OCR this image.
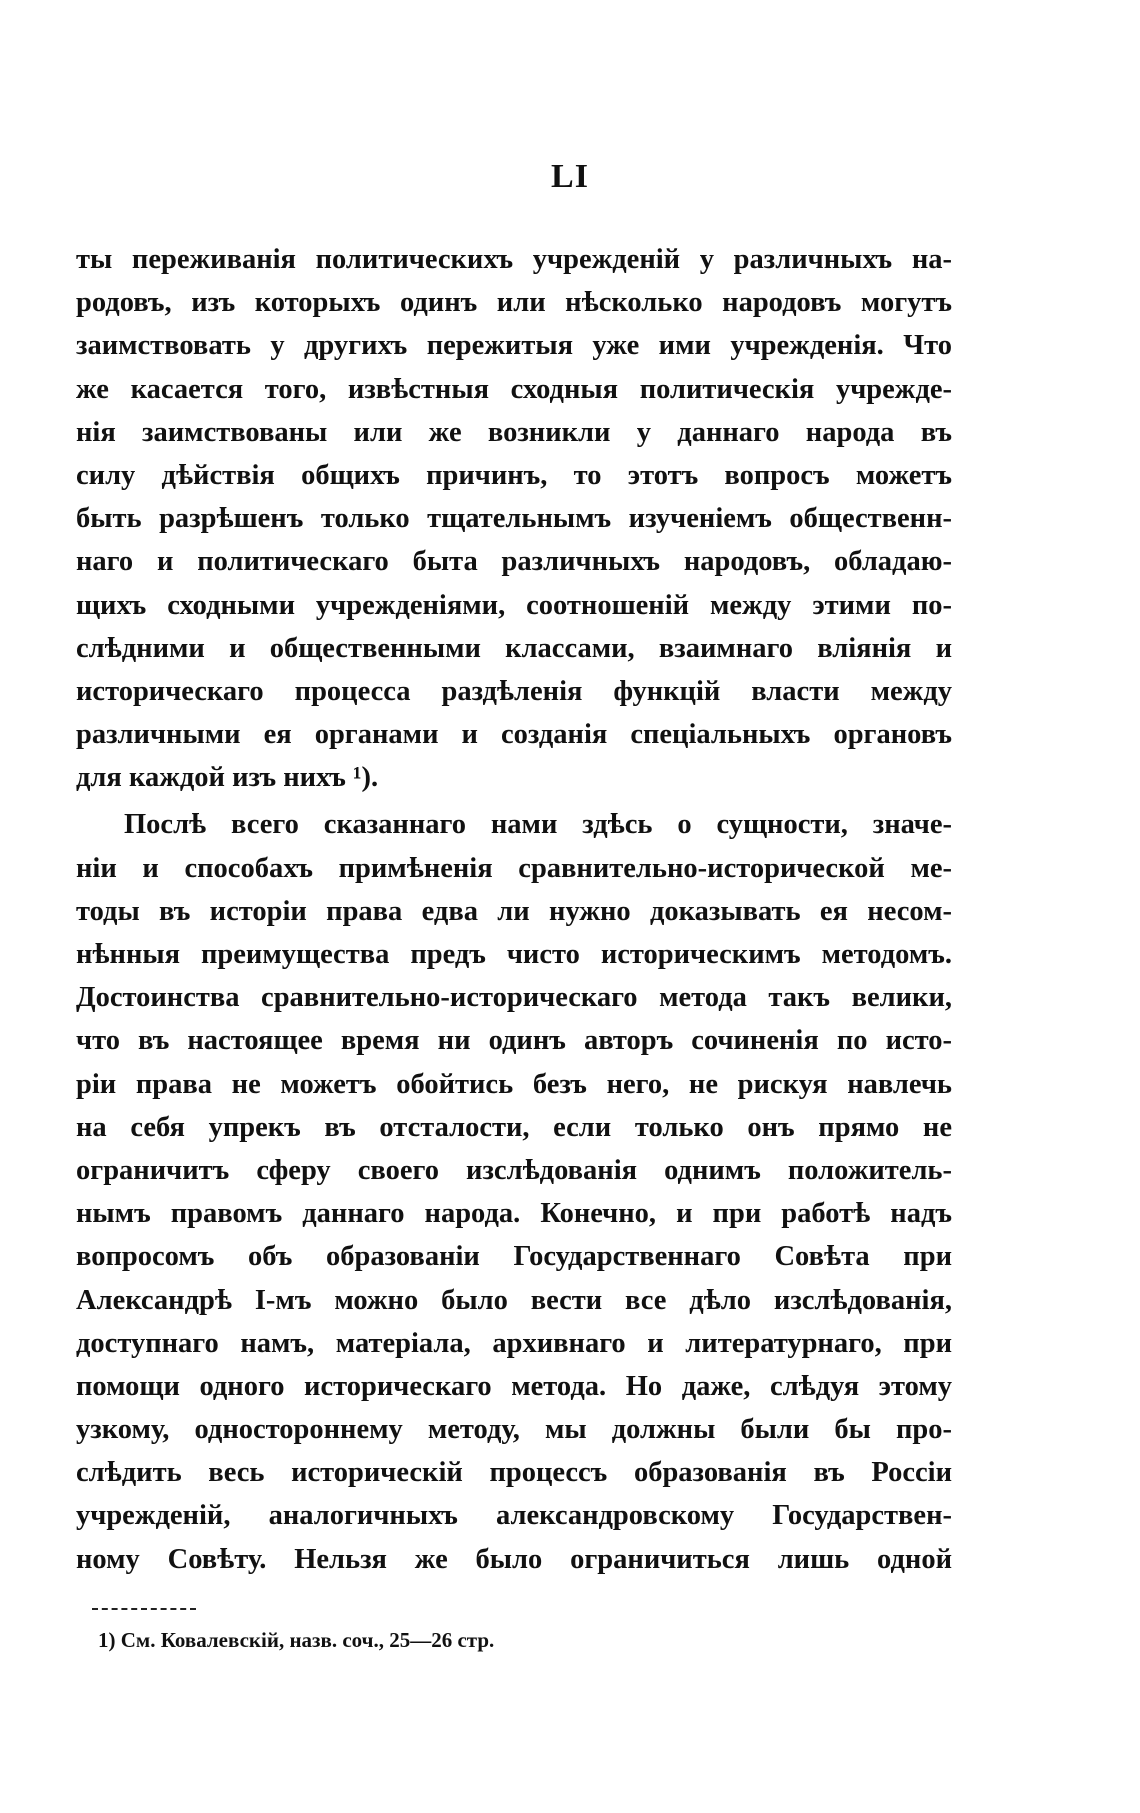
LI
ты переживанія политическихъ учрежденій у различныхъ на-
родовъ, изъ которыхъ одинъ или нѣсколько народовъ могутъ
заимствовать у другихъ пережитыя уже ими учрежденія. Что
же касается того, извѣстныя сходныя политическія учрежде-
нія заимствованы или же возникли у даннаго народа въ
силу дѣйствія общихъ причинъ, то этотъ вопросъ можетъ
быть разрѣшенъ только тщательнымъ изученіемъ общественн-
наго и политическаго быта различныхъ народовъ, обладаю-
щихъ сходными учрежденіями, соотношеній между этими по-
слѣдними и общественными классами, взаимнаго вліянія и
историческаго процесса раздѣленія функцій власти между
различными ея органами и созданія спеціальныхъ органовъ
для каждой изъ нихъ ¹).
Послѣ всего сказаннаго нами здѣсь о сущности, значе-
ніи и способахъ примѣненія сравнительно-исторической ме-
тоды въ исторіи права едва ли нужно доказывать ея несом-
нѣнныя преимущества предъ чисто историческимъ методомъ.
Достоинства сравнительно-историческаго метода такъ велики,
что въ настоящее время ни одинъ авторъ сочиненія по исто-
ріи права не можетъ обойтись безъ него, не рискуя навлечь
на себя упрекъ въ отсталости, если только онъ прямо не
ограничитъ сферу своего изслѣдованія однимъ положитель-
нымъ правомъ даннаго народа. Конечно, и при работѣ надъ
вопросомъ объ образованіи Государственнаго Совѣта при
Александрѣ I-мъ можно было вести все дѣло изслѣдованія,
доступнаго намъ, матеріала, архивнаго и литературнаго, при
помощи одного историческаго метода. Но даже, слѣдуя этому
узкому, одностороннему методу, мы должны были бы про-
слѣдить весь историческій процессъ образованія въ Россіи
учрежденій, аналогичныхъ александровскому Государствен-
ному Совѣту. Нельзя же было ограничиться лишь одной
1) См. Ковалевскій, назв. соч., 25—26 стр.
